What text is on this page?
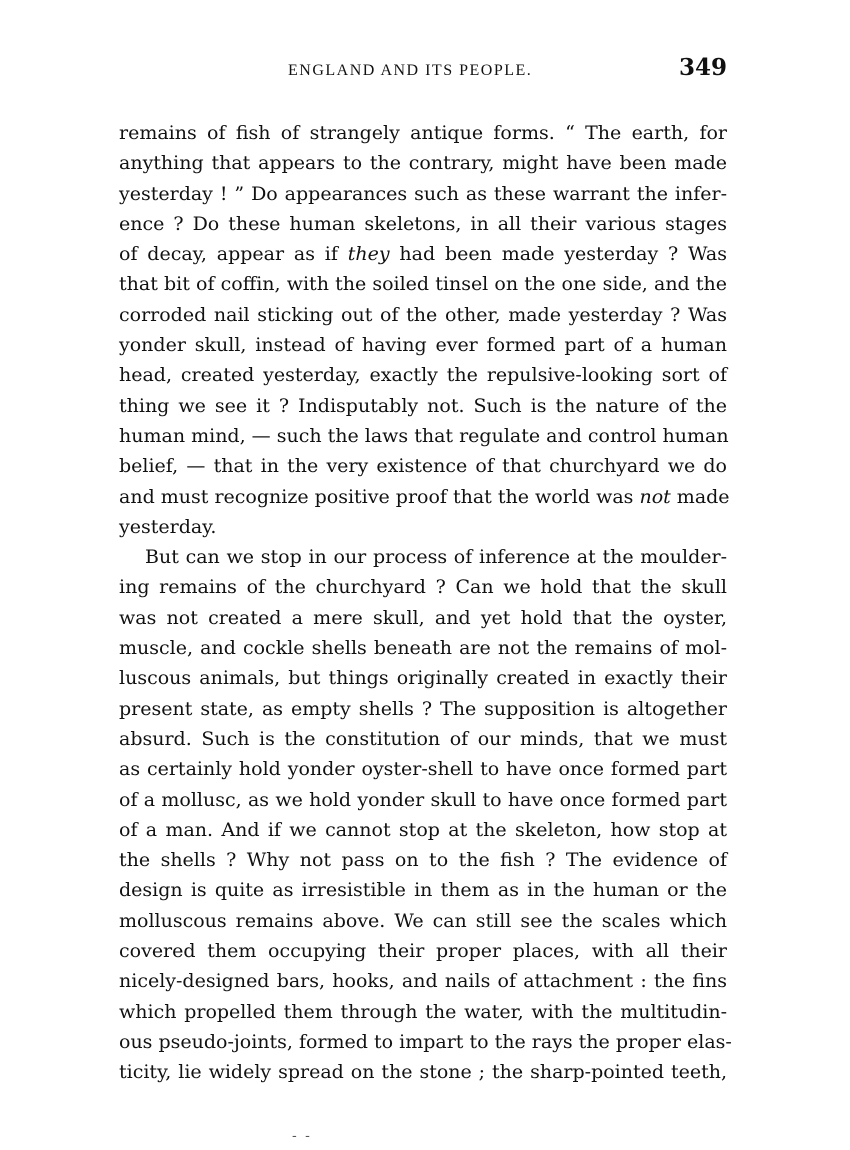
ENGLAND AND ITS PEOPLE.	349
remains of fish of strangely antique forms. “ The earth, for
anything that appears to the contrary, might have been made
yesterday ! ” Do appearances such as these warrant the infer-
ence ? Do these human skeletons, in all their various stages
of decay, appear as if they had been made yesterday ? Was
that bit of coffin, with the soiled tinsel on the one side, and the
corroded nail sticking out of the other, made yesterday ? Was
yonder skull, instead of having ever formed part of a human
head, created yesterday, exactly the repulsive-looking sort of
thing we see it ? Indisputably not. Such is the nature of the
human mind, — such the laws that regulate and control human
belief, — that in the very existence of that churchyard we do
and must recognize positive proof that the world was not made
yesterday.
But can we stop in our process of inference at the moulder-
ing remains of the churchyard ? Can we hold that the skull
was not created a mere skull, and yet hold that the oyster,
muscle, and cockle shells beneath are not the remains of mol-
luscous animals, but things originally created in exactly their
present state, as empty shells ? The supposition is altogether
absurd. Such is the constitution of our minds, that we must
as certainly hold yonder oyster-shell to have once formed part
of a mollusc, as we hold yonder skull to have once formed part
of a man. And if we cannot stop at the skeleton, how stop at
the shells ? Why not pass on to the fish ? The evidence of
design is quite as irresistible in them as in the human or the
molluscous remains above. We can still see the scales which
covered them occupying their proper places, with all their
nicely-designed bars, hooks, and nails of attachment : the fins
which propelled them through the water, with the multitudin-
ous pseudo-joints, formed to impart to the rays the proper elas-
ticity, lie widely spread on the stone ; the sharp-pointed teeth,
- -
